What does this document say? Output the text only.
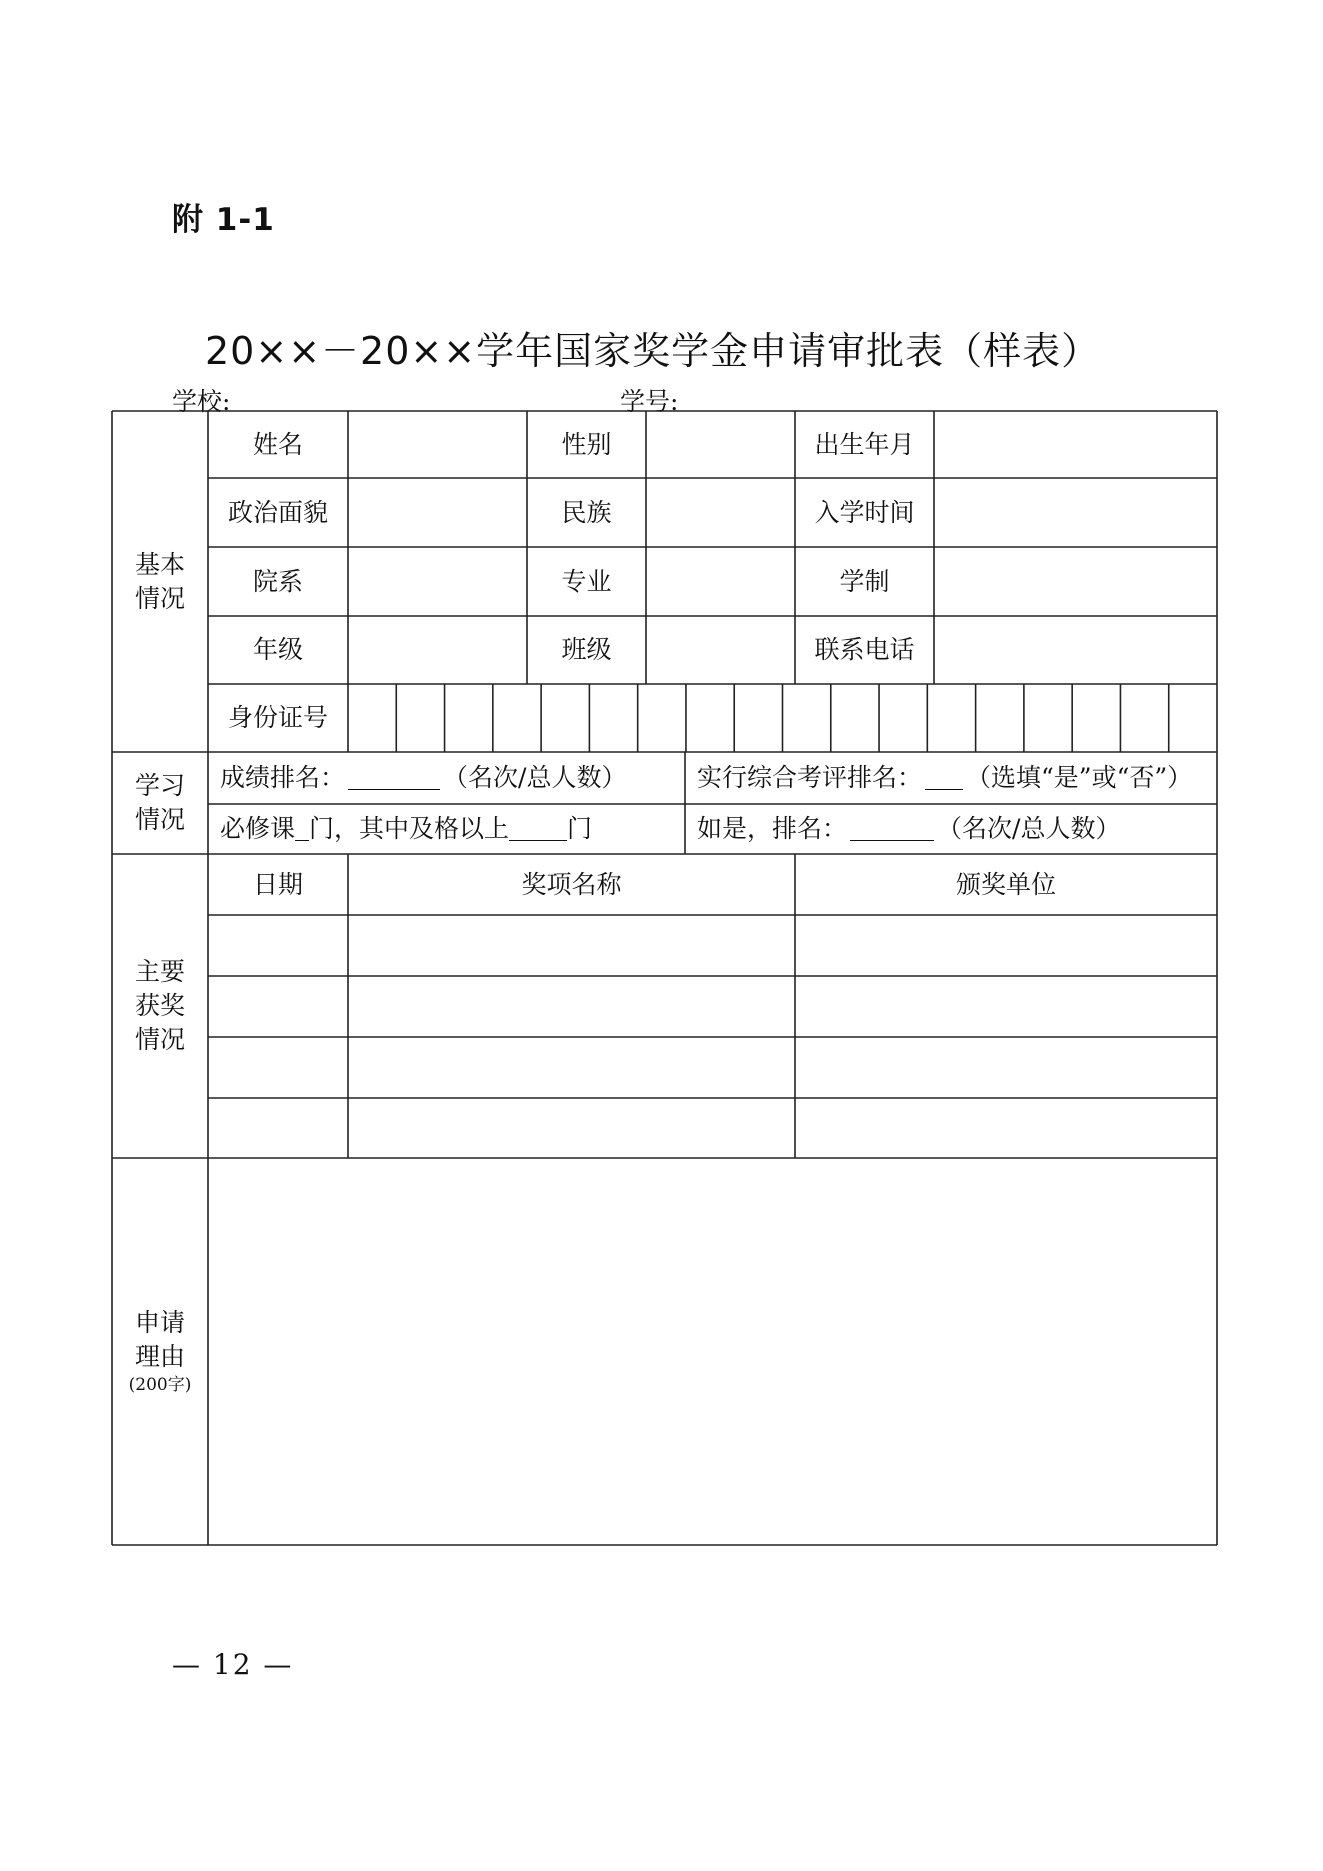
附 1-1
20××－20××学年国家奖学金申请审批表（样表）
学校:	学号:
基本
情况
姓名	性别	出生年月
政治面貌	民族	入学时间
院系	专业	学制
年级	班级	联系电话
身份证号
学习
情况
成绩排名：	（名次/总人数）	实行综合考评排名： （选填“是”或“否”）
必修课 门，其中及格以上 门	如是，排名：	（名次/总人数）
主要
获奖
情况
日期	奖项名称	颁奖单位
申请
理由
(200字)
— 12 —
